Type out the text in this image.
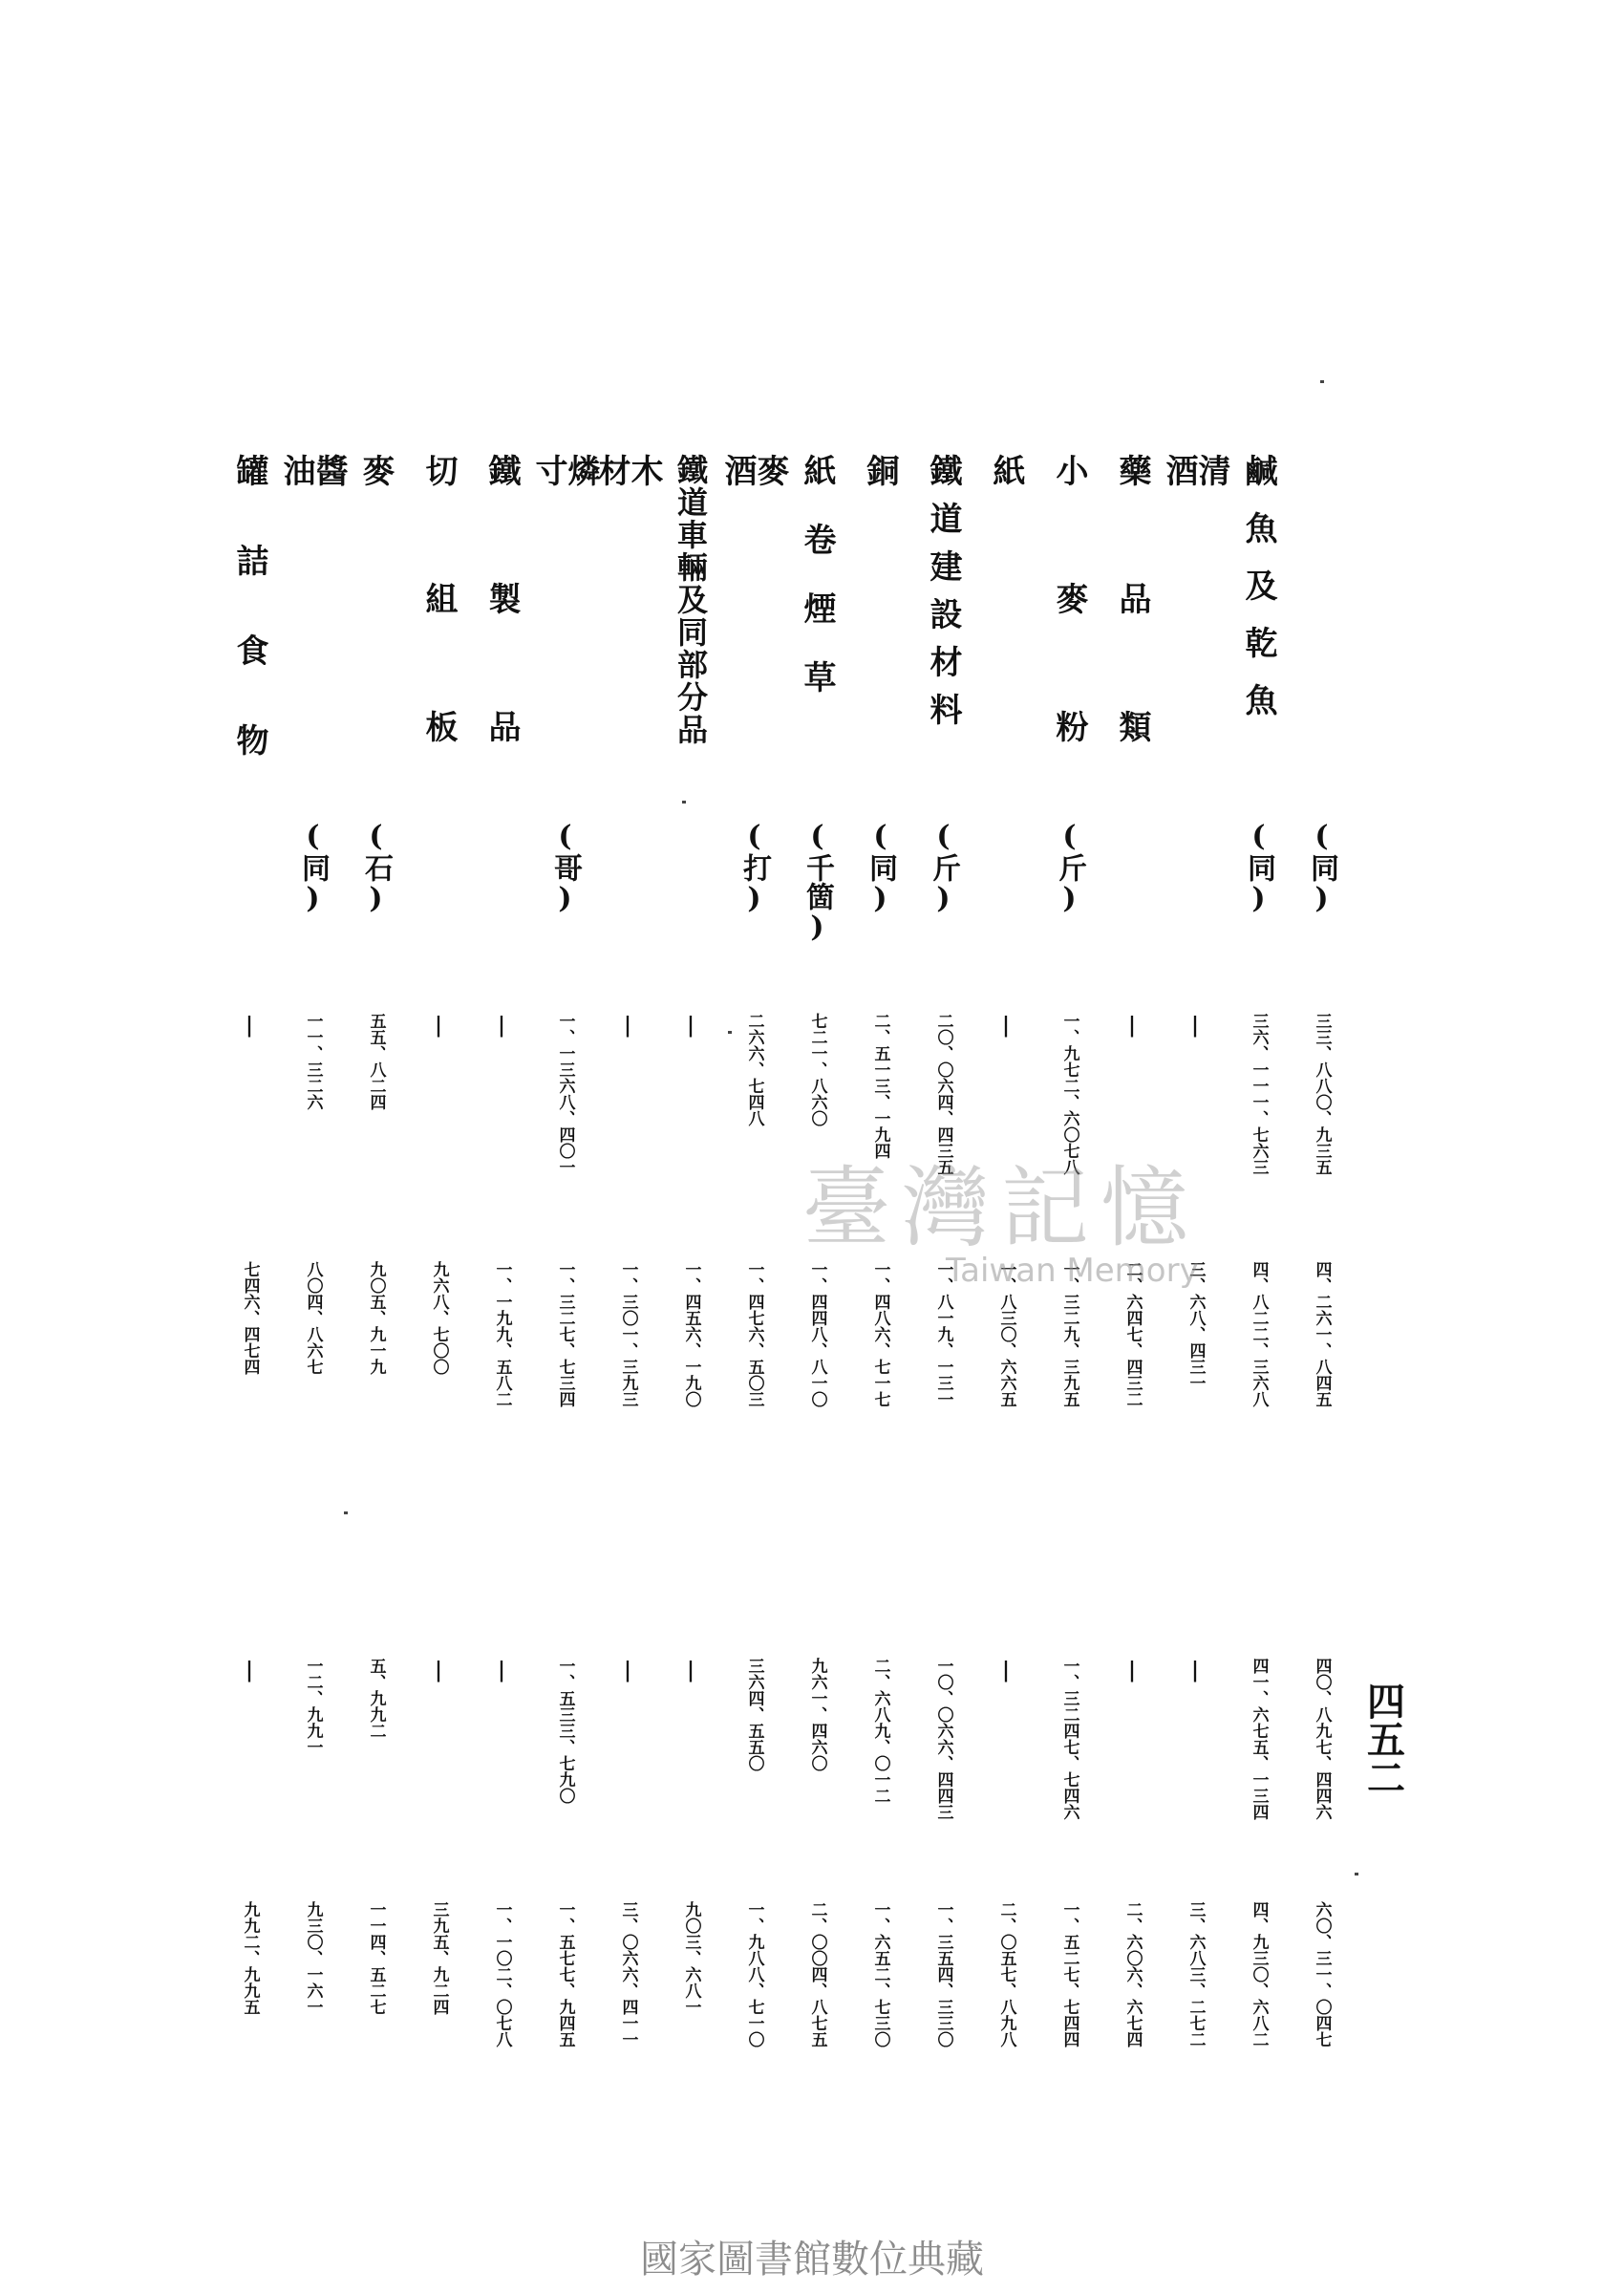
(同)
三三、八八〇、九三五
四、二六一、八四五
四〇、八九七、四四六
六〇、三一、〇四七
鹹魚及乾魚
(同)
三六、一一一、七六三
四、八二二、三六八
四一、六七五、一三四
四、九三〇、六八二
清酒
|
三、六八、四三一
|
三、六八三、二七二
藥品類
|
二、六四七、四三二
|
二、六〇六、六七四
小麥粉
(斤)
一、九七二、六〇七八
一、三二九、三九五
一、三二四七、七四六
一、五二七、七四四
紙
|
一、八三〇、六六五
|
二、〇五七、八九八
鐵道建設材料
(斤)
二〇、〇六四、四三五
一、八一九、一三一
一〇、〇六六、四四三
一、三五四、三三〇
銅
(同)
二、五一三、一九四
一、四八六、七一七
二、六八九、〇一二
一、六五二、七三〇
紙卷煙草
(千箇)
七二一、八六〇
一、四四八、八一〇
九六一、四六〇
二、〇〇四、八七五
麥酒
(打)
二六六、七四八
一、四七六、五〇三
三六四、五五〇
一、九八八、七一〇
鐵道車輛及同部分品
|
一、四五六、一九〇
|
九〇三、六八一
木材
|
一、三〇一、三九三
|
三、〇六六、四一一
燐寸
(哥)
一、一三六八、四〇一
一、三二七、七三四
一、五三三、七九〇
一、五七七、九四五
鐵製品
|
一、一九九、五八二
|
一、一〇二、〇七八
切組板
|
九六八、七〇〇
|
三九五、九二四
麥
(石)
五五、八二四
九〇五、九一九
五、九九二
一一四、五二七
醬油
(同)
一一、三二六
八〇四、八六七
一二、九九一
九三〇、一六一
罐詰食物
|
七四六、四七四
|
九九二、九九五
四五二
臺灣記憶
Taiwan Memory
國家圖書館數位典藏
